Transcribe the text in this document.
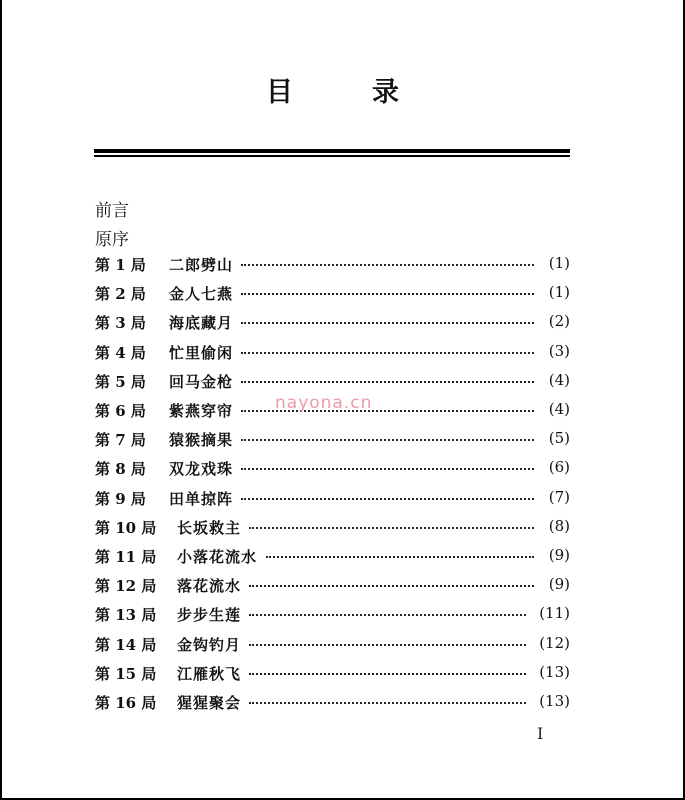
目	录
前言
原序
第 1 局 二郎劈山	(1)
第 2 局 金人七燕	(1)
第 3 局 海底藏月	(2)
第 4 局 忙里偷闲	(3)
第 5 局 回马金枪	(4)
第 6 局 紫燕穿帘	(4)
第 7 局 猿猴摘果	(5)
第 8 局 双龙戏珠	(6)
第 9 局 田单掠阵	(7)
第 10 局 长坂救主	(8)
第 11 局 小落花流水	(9)
第 12 局 落花流水	(9)
第 13 局 步步生莲	(11)
第 14 局 金钩钓月	(12)
第 15 局 江雁秋飞	(13)
第 16 局 猩猩聚会	(13)
nayona.cn
I
